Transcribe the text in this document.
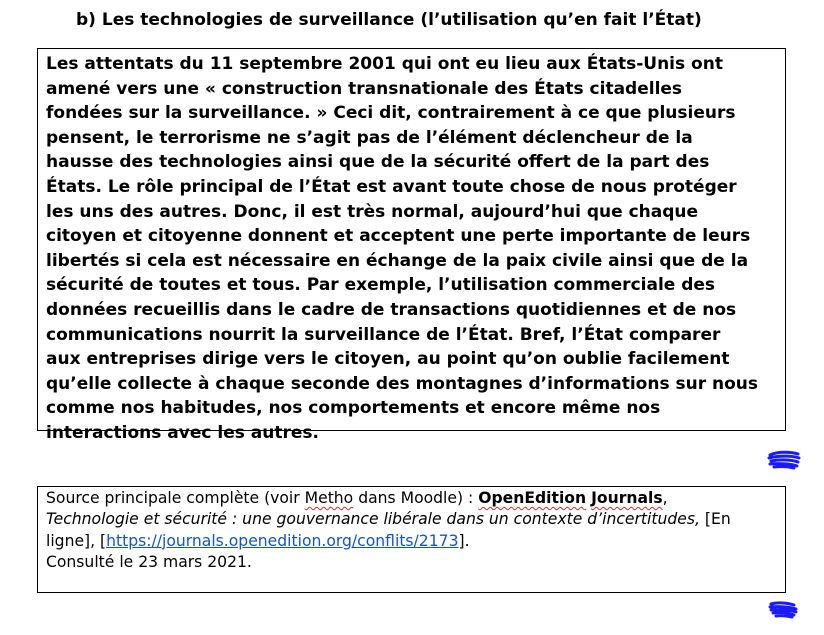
b) Les technologies de surveillance (l’utilisation qu’en fait l’État)
Les attentats du 11 septembre 2001 qui ont eu lieu aux États-Unis ont
amené vers une « construction transnationale des États citadelles
fondées sur la surveillance. » Ceci dit, contrairement à ce que plusieurs
pensent, le terrorisme ne s’agit pas de l’élément déclencheur de la
hausse des technologies ainsi que de la sécurité offert de la part des
États. Le rôle principal de l’État est avant toute chose de nous protéger
les uns des autres. Donc, il est très normal, aujourd’hui que chaque
citoyen et citoyenne donnent et acceptent une perte importante de leurs
libertés si cela est nécessaire en échange de la paix civile ainsi que de la
sécurité de toutes et tous. Par exemple, l’utilisation commerciale des
données recueillis dans le cadre de transactions quotidiennes et de nos
communications nourrit la surveillance de l’État. Bref, l’État comparer
aux entreprises dirige vers le citoyen, au point qu’on oublie facilement
qu’elle collecte à chaque seconde des montagnes d’informations sur nous
comme nos habitudes, nos comportements et encore même nos
interactions avec les autres.
Source principale complète (voir Metho dans Moodle) : OpenEdition Journals,
Technologie et sécurité : une gouvernance libérale dans un contexte d’incertitudes, [En ligne], [https://journals.openedition.org/conflits/2173].
Consulté le 23 mars 2021.
